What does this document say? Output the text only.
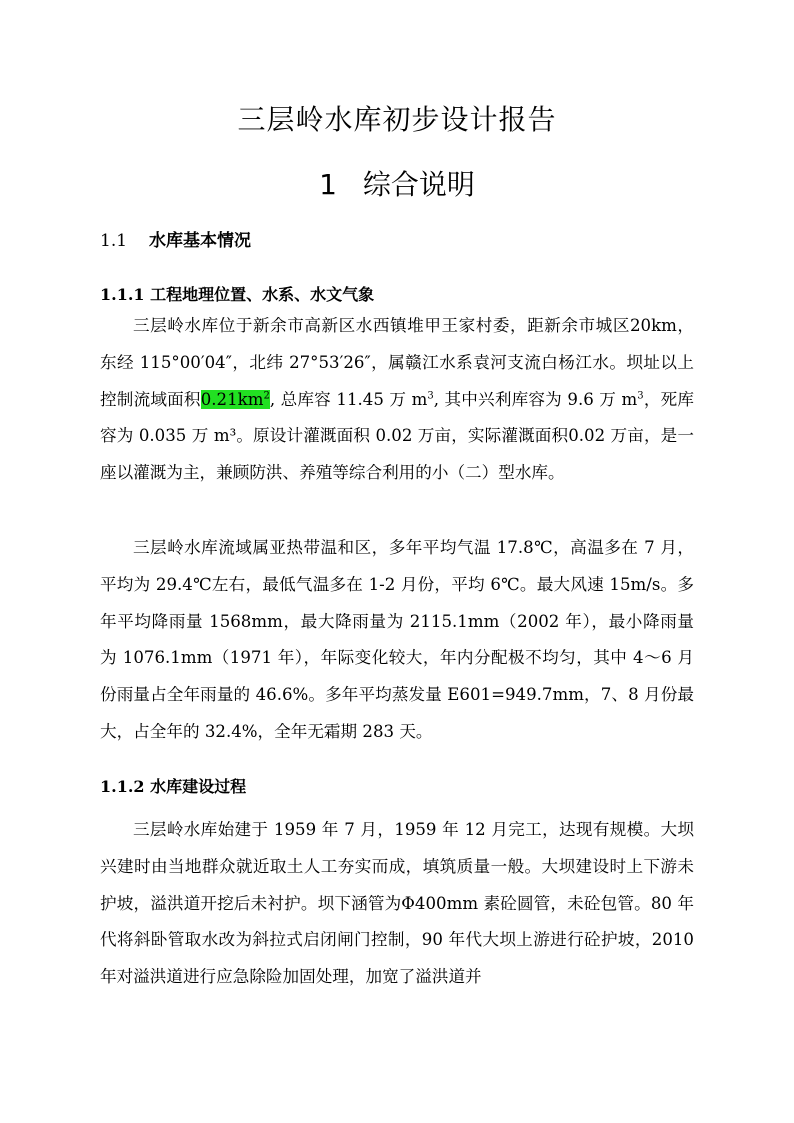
三层岭水库初步设计报告
1 综合说明
1.1 水库基本情况
1.1.1 工程地理位置、水系、水文气象

三层岭水库位于新余市高新区水西镇堆甲王家村委，距新余市城区20km，东经 115°00′04″，北纬 27°53′26″，属赣江水系袁河支流白杨江水。坝址以上控制流域面积$0.21km^2$, 总库容 11.45 万 $m^3$, 其中兴利库容为 9.6 万 $m^3$，死库容为 0.035 万 m³。原设计灌溉面积 0.02 万亩，实际灌溉面积0.02 万亩，是一座以灌溉为主，兼顾防洪、养殖等综合利用的小（二）型水库。

三层岭水库流域属亚热带温和区，多年平均气温 17.8℃，高温多在 7 月，平均为 29.4℃左右，最低气温多在 1-2 月份，平均 6℃。最大风速 15m/s。多年平均降雨量 1568mm，最大降雨量为 2115.1mm（2002 年），最小降雨量为 1076.1mm（1971 年），年际变化较大，年内分配极不均匀，其中 4～6 月份雨量占全年雨量的 46.6%。多年平均蒸发量 E601=949.7mm，7、8 月份最大，占全年的 32.4%，全年无霜期 283 天。

1.1.2 水库建设过程

三层岭水库始建于 1959 年 7 月，1959 年 12 月完工，达现有规模。大坝兴建时由当地群众就近取土人工夯实而成，填筑质量一般。大坝建设时上下游未护坡，溢洪道开挖后未衬护。坝下涵管为Φ400mm 素砼圆管，未砼包管。80 年代将斜卧管取水改为斜拉式启闭闸门控制，90 年代大坝上游进行砼护坡，2010 年对溢洪道进行应急除险加固处理，加宽了溢洪道并
